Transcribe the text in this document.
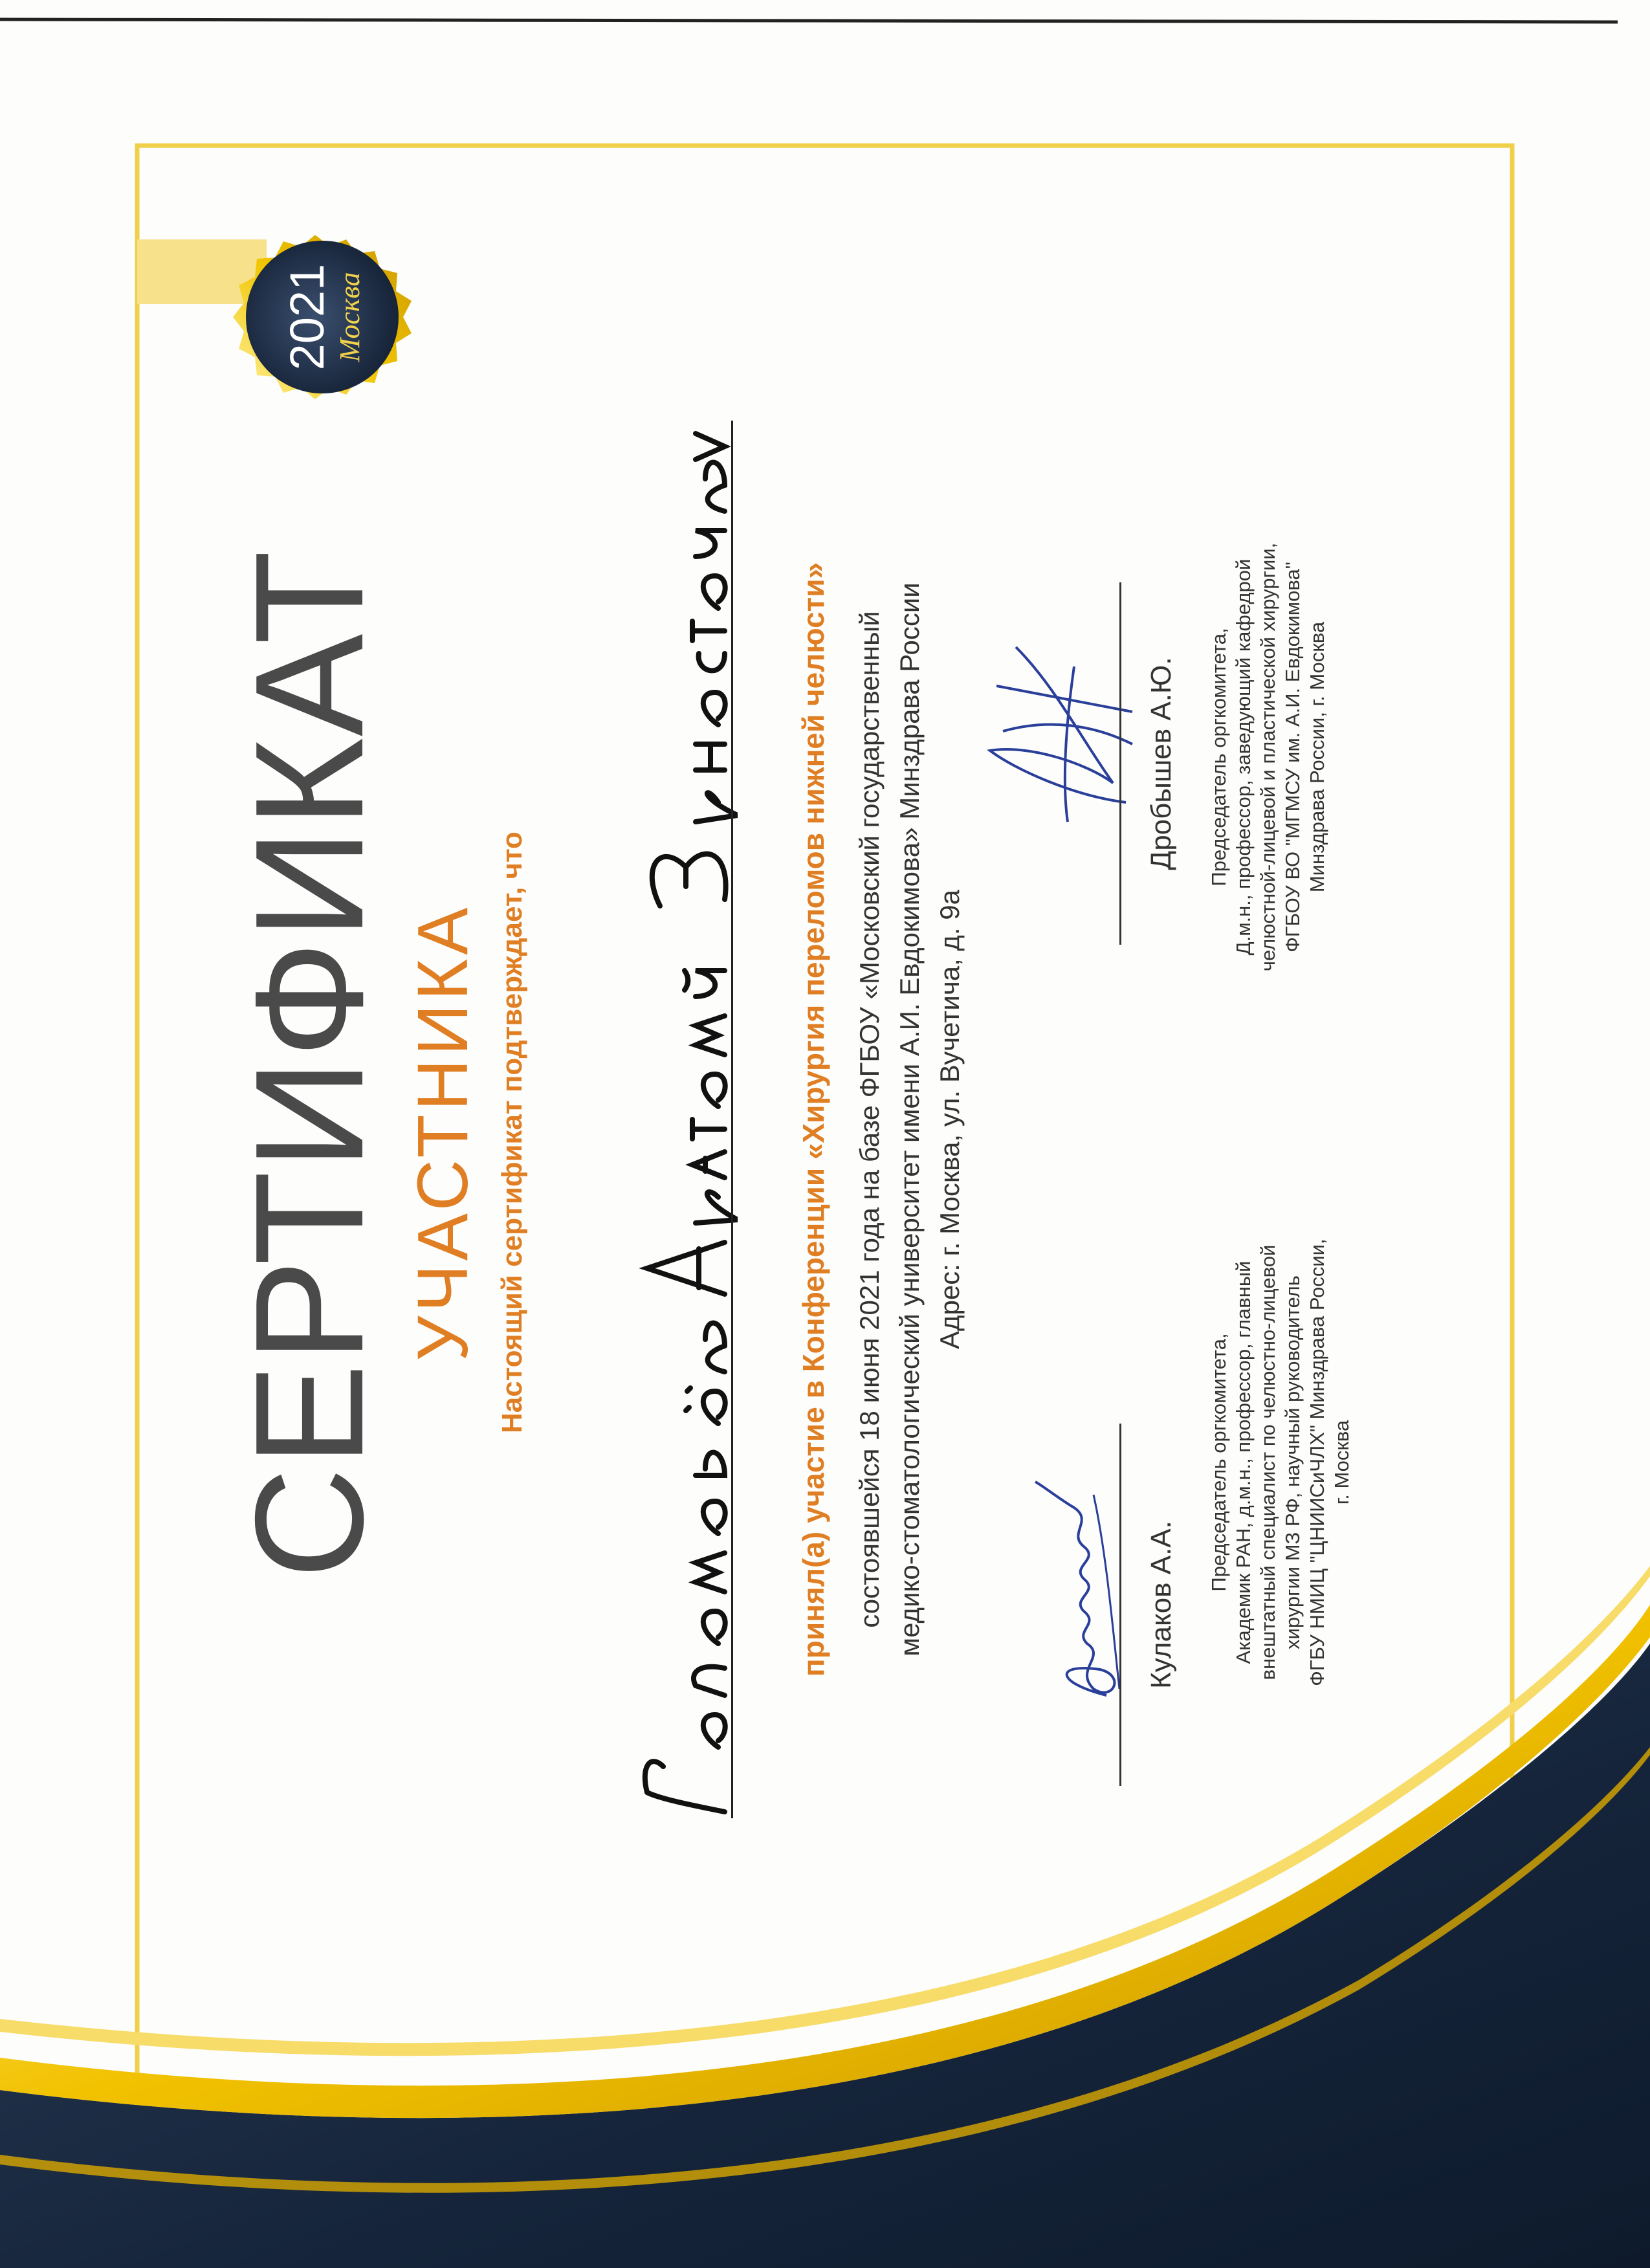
СЕРТИФИКАТ УЧАСТНИКА Настоящий сертификат подтверждает, что	принял(а) участие в Конференции «Хирургия переломов нижней челюсти» состоявшейся 18 июня 2021 года на базе ФГБОУ «Московский государственный медико-стоматологический университет имени А.И. Евдокимова» Минздрава России Адрес: г. Москва, ул. Вучетича, д. 9а
Кулаков А.А.
Дробышев А.Ю.
Председатель оргкомитета, Академик РАН, д.м.н., профессор, главный внештатный специалист по челюстно-лицевой хирургии МЗ РФ, научный руководитель ФГБУ НМИЦ "ЦНИИСиЧЛХ" Минздрава России, г. Москва
Председатель оргкомитета, Д.м.н., профессор, заведующий кафедрой челюстной-лицевой и пластической хирургии, ФГБОУ ВО "МГМСУ им. А.И. Евдокимова" Минздрава России, г. Москва
2021 Москва
